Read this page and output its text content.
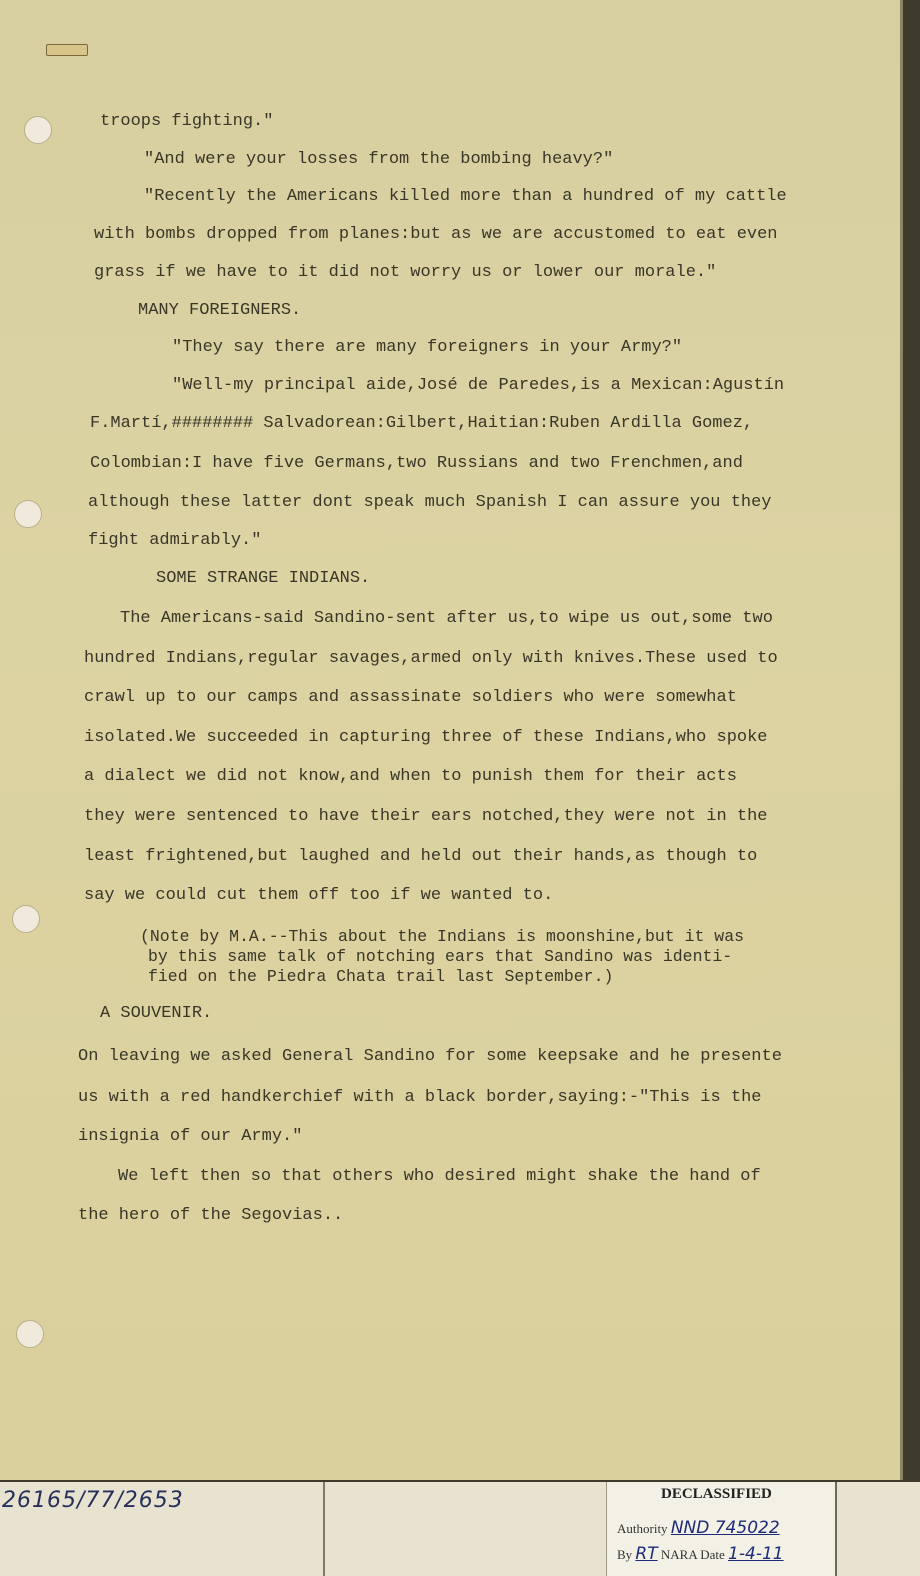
troops fighting."

"And were your losses from the bombing heavy?"

"Recently the Americans killed more than a hundred of my cattle

with bombs dropped from planes:but as we are accustomed to eat even

grass if we have to it did not worry us or lower our morale."

MANY FOREIGNERS.

"They say there are many foreigners in your Army?"

"Well-my principal aide,José de Paredes,is a Mexican:Agustín

F.Martí,######## Salvadorean:Gilbert,Haitian:Ruben Ardilla Gomez,

Colombian:I have five Germans,two Russians and two Frenchmen,and

although these latter dont speak much Spanish I can assure you they

fight admirably."

SOME STRANGE INDIANS.

The Americans-said Sandino-sent after us,to wipe us out,some two

hundred Indians,regular savages,armed only with knives.These used to

crawl up to our camps and assassinate soldiers who were somewhat

isolated.We succeeded in capturing three of these Indians,who spoke

a dialect we did not know,and when to punish them for their acts

they were sentenced to have their ears notched,they were not in the

least frightened,but laughed and held out their hands,as though to

say we could cut them off too if we wanted to.

(Note by M.A.--This about the Indians is moonshine,but it was

by this same talk of notching ears that Sandino was identi-

fied on the Piedra Chata trail last September.)

A SOUVENIR.

On leaving we asked General Sandino for some keepsake and he presente

us with a red handkerchief with a black border,saying:-"This is the

insignia of our Army."

We left then so that others who desired might shake the hand of

the hero of the Segovias..

26165/77/2653	DECLASSIFIED
Authority NND 745022
By RT NARA Date 1-4-11
